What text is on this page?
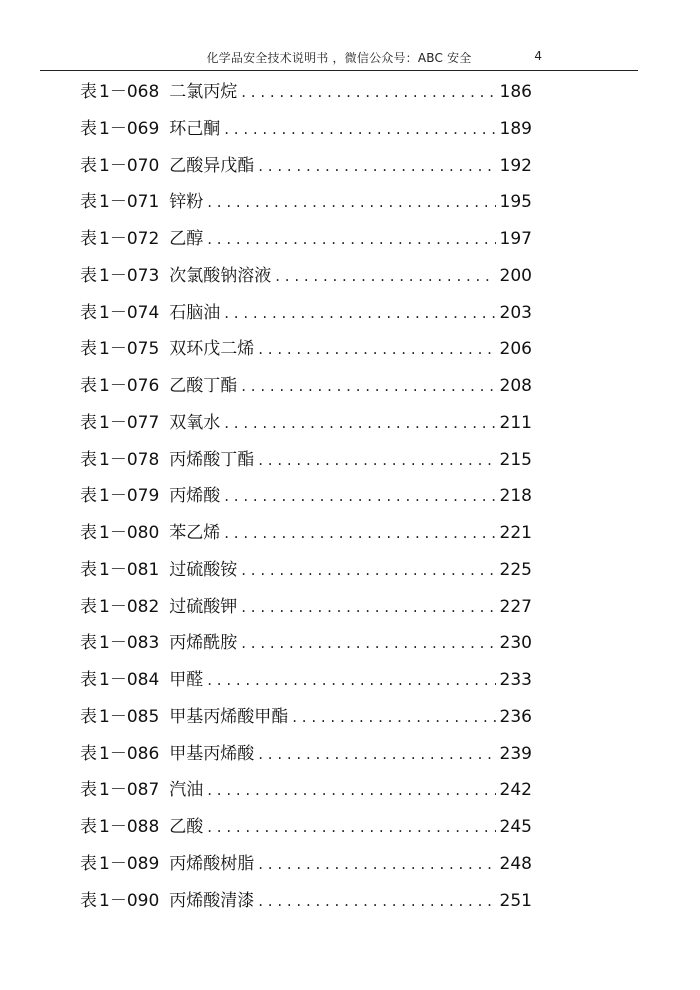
化学品安全技术说明书 ，微信公众号：ABC 安全	4
表 1－068 二氯丙烷 . . .	186
表 1－069 环己酮 . . .	189
表 1－070 乙酸异戊酯 . . .	192
表 1－071 锌粉 . . .	195
表 1－072 乙醇 . . .	197
表 1－073 次氯酸钠溶液 . . .	200
表 1－074 石脑油 . . .	203
表 1－075 双环戊二烯 . . .	206
表 1－076 乙酸丁酯 . . .	208
表 1－077 双氧水 . . .	211
表 1－078 丙烯酸丁酯 . . .	215
表 1－079 丙烯酸 . . .	218
表 1－080 苯乙烯 . . .	221
表 1－081 过硫酸铵 . . .	225
表 1－082 过硫酸钾 . . .	227
表 1－083 丙烯酰胺 . . .	230
表 1－084 甲醛 . . .	233
表 1－085 甲基丙烯酸甲酯 . . .	236
表 1－086 甲基丙烯酸 . . .	239
表 1－087 汽油 . . .	242
表 1－088 乙酸 . . .	245
表 1－089 丙烯酸树脂 . . .	248
表 1－090 丙烯酸清漆 . . .	251
